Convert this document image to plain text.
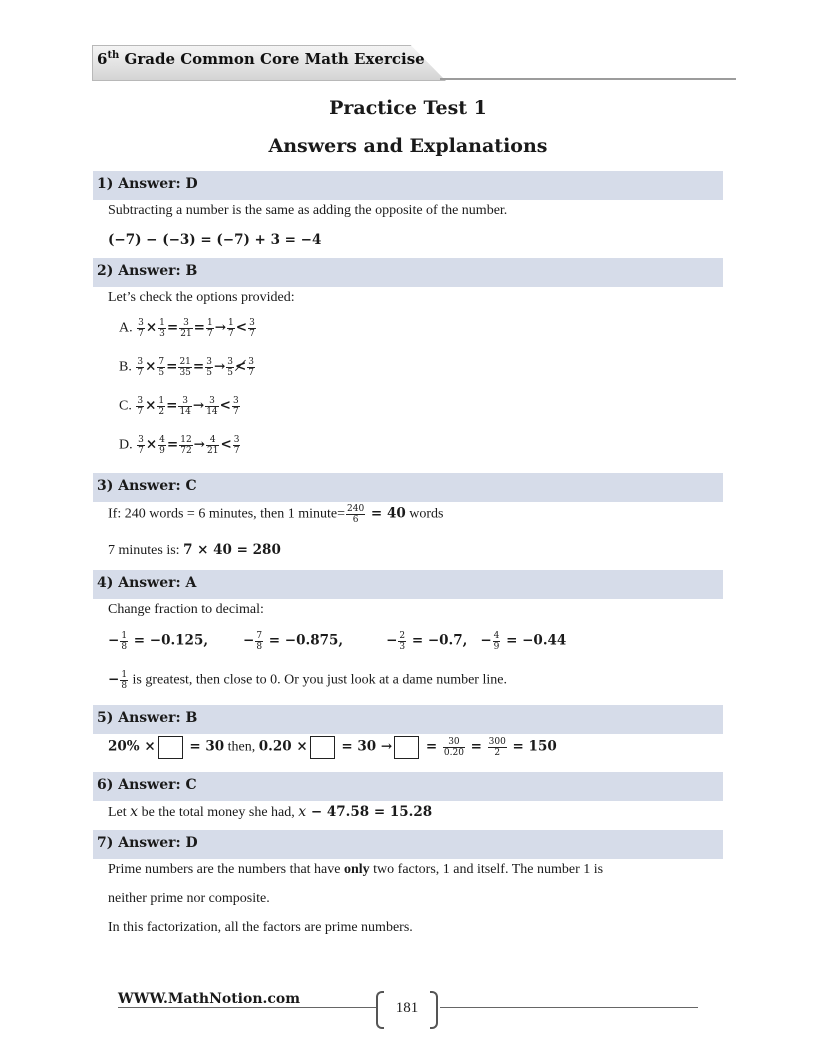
6th Grade Common Core Math Exercise
Practice Test 1
Answers and Explanations
1) Answer: D
Subtracting a number is the same as adding the opposite of the number.
(−7) − (−3) = (−7) + 3 = −4
2) Answer: B
Let’s check the options provided:
A. $\frac{3}{7} \times \frac{1}{3} = \frac{3}{21} = \frac{1}{7} \to \frac{1}{7} < \frac{3}{7}$
B. $\frac{3}{7} \times \frac{7}{5} = \frac{21}{35} = \frac{3}{5} \to \frac{3}{5}$ ≮ $\frac{3}{7}$
C. $\frac{3}{7} \times \frac{1}{2} = \frac{3}{14} \to \frac{3}{14} < \frac{3}{7}$
D. $\frac{3}{7} \times \frac{4}{9} = \frac{12}{72} \to \frac{4}{21} < \frac{3}{7}$
3) Answer: C
If: 240 words = 6 minutes, then 1 minute= $\frac{240}{6} = 40$ words
7 minutes is: 7 × 40 = 280
4) Answer: A
Change fraction to decimal:
− $\frac{1}{8} = -0.125$,	− $\frac{7}{8} = -0.875$,	− $\frac{2}{3} = -0.7$, − $\frac{4}{9} = -0.44$
− $\frac{1}{8}$ is greatest, then close to 0. Or you just look at a dame number line.
5) Answer: B
20% × = 30 then, 0.20 × = 30 → = $\frac{30}{0.20} = \frac{300}{2} = 150$
6) Answer: C
Let x be the total money she had, x − 47.58 = 15.28
7) Answer: D
Prime numbers are the numbers that have only two factors, 1 and itself. The number 1 is
neither prime nor composite.
In this factorization, all the factors are prime numbers.
WWW.MathNotion.com
181
